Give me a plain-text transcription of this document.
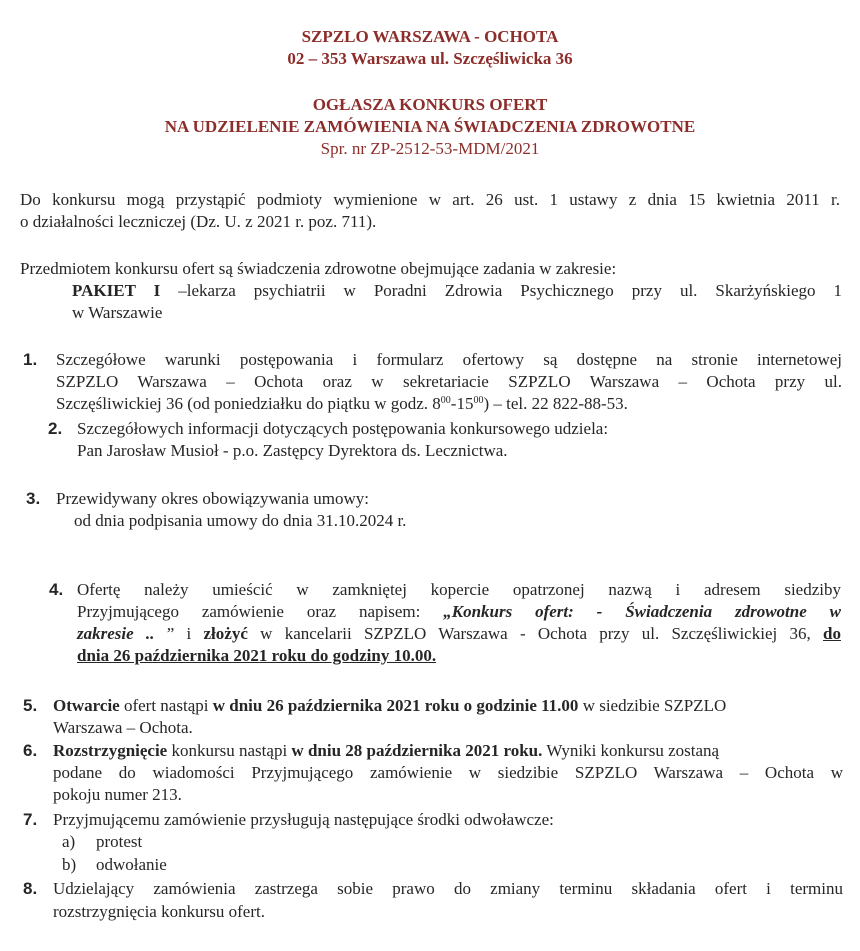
SZPZLO WARSZAWA - OCHOTA
02 – 353 Warszawa ul. Szczęśliwicka 36
OGŁASZA KONKURS OFERT
NA UDZIELENIE ZAMÓWIENIA NA ŚWIADCZENIA ZDROWOTNE
Spr. nr ZP-2512-53-MDM/2021
Do konkursu mogą przystąpić podmioty wymienione w art. 26 ust. 1 ustawy z dnia 15 kwietnia 2011 r.
o działalności leczniczej (Dz. U. z 2021 r. poz. 711).
Przedmiotem konkursu ofert są świadczenia zdrowotne obejmujące zadania w zakresie:
PAKIET I –lekarza psychiatrii w Poradni Zdrowia Psychicznego przy ul. Skarżyńskiego 1
w Warszawie
1. Szczegółowe warunki postępowania i formularz ofertowy są dostępne na stronie internetowej
SZPZLO Warszawa – Ochota oraz w sekretariacie SZPZLO Warszawa – Ochota przy ul.
Szczęśliwickiej 36 (od poniedziałku do piątku w godz. $8^{00}-15^{00}$) – tel. 22 822-88-53.
2. Szczegółowych informacji dotyczących postępowania konkursowego udziela:
Pan Jarosław Musioł - p.o. Zastępcy Dyrektora ds. Lecznictwa.
3. Przewidywany okres obowiązywania umowy:
od dnia podpisania umowy do dnia 31.10.2024 r.
4. Ofertę należy umieścić w zamkniętej kopercie opatrzonej nazwą i adresem siedziby
Przyjmującego zamówienie oraz napisem: „Konkurs ofert: - Świadczenia zdrowotne w
zakresie .. ” i złożyć w kancelarii SZPZLO Warszawa - Ochota przy ul. Szczęśliwickiej 36, do
dnia 26 października 2021 roku do godziny 10.00.
5. Otwarcie ofert nastąpi w dniu 26 października 2021 roku o godzinie 11.00 w siedzibie SZPZLO
Warszawa – Ochota.
6. Rozstrzygnięcie konkursu nastąpi w dniu 28 października 2021 roku. Wyniki konkursu zostaną
podane do wiadomości Przyjmującego zamówienie w siedzibie SZPZLO Warszawa – Ochota w
pokoju numer 213.
7. Przyjmującemu zamówienie przysługują następujące środki odwoławcze:
a) protest
b) odwołanie
8. Udzielający zamówienia zastrzega sobie prawo do zmiany terminu składania ofert i terminu
rozstrzygnięcia konkursu ofert.
